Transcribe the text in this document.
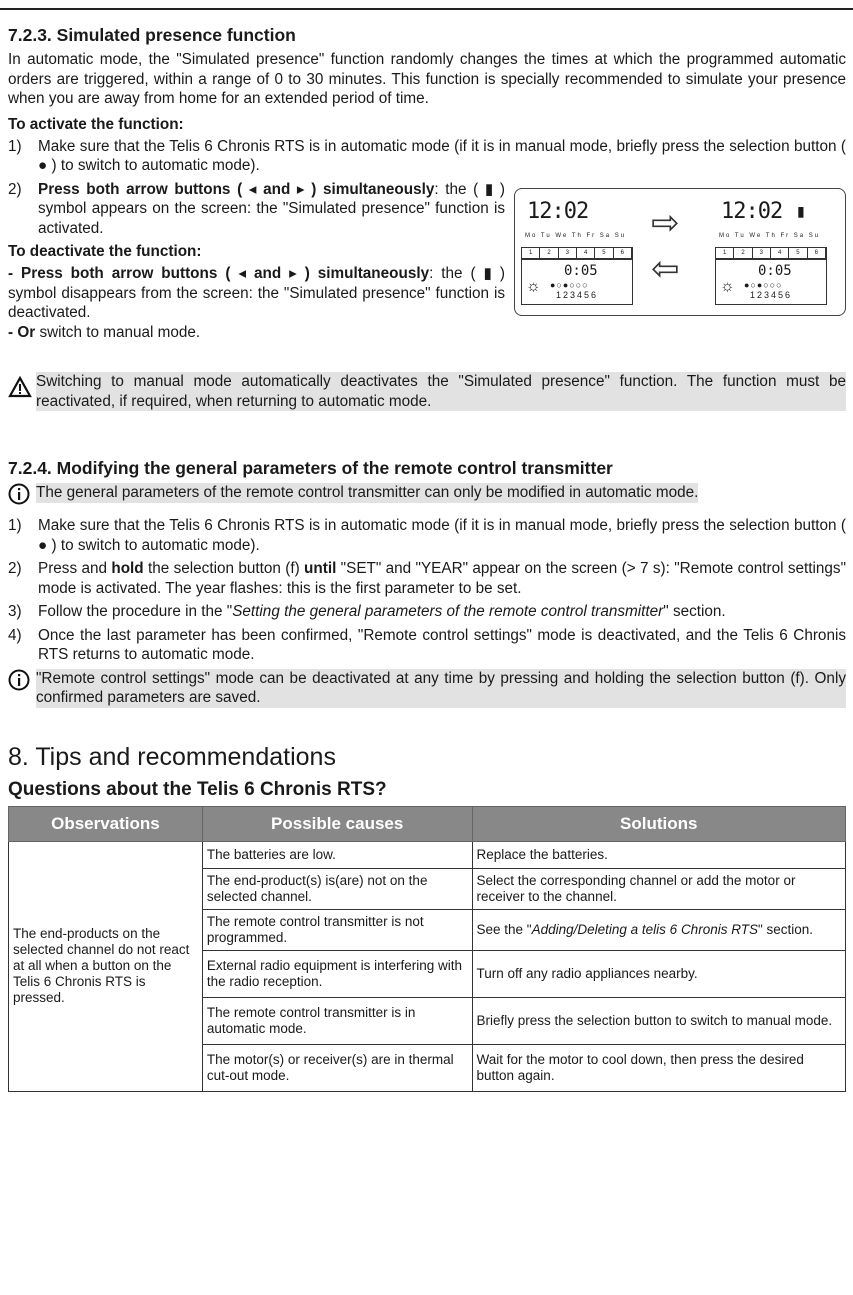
7.2.3. Simulated presence function

In automatic mode, the "Simulated presence" function randomly changes the times at which the programmed automatic orders are triggered, within a range of 0 to 30 minutes. This function is specially recommended to simulate your presence when you are away from home for an extended period of time.

To activate the function:
1) Make sure that the Telis 6 Chronis RTS is in automatic mode (if it is in manual mode, briefly press the selection button ( ● ) to switch to automatic mode).
2) Press both arrow buttons ( ◂ and ▸ ) simultaneously: the ( ▮ ) symbol appears on the screen: the "Simulated presence" function is activated.
To deactivate the function:

- Press both arrow buttons ( ◂ and ▸ ) simultaneously: the ( ▮ ) symbol disappears from the screen: the "Simulated presence" function is deactivated.

- Or switch to manual mode.

12:02
Mo Tu We Th Fr Sa Su
1	2	3	4	5	6
0:05
☼ ●○●○○○
123456
⇨
⇦
12:02 ▮
Mo Tu We Th Fr Sa Su
1	2	3	4	5	6
0:05
☼ ●○●○○○
123456
Switching to manual mode automatically deactivates the "Simulated presence" function. The function must be reactivated, if required, when returning to automatic mode.
7.2.4. Modifying the general parameters of the remote control transmitter
The general parameters of the remote control transmitter can only be modified in automatic mode.
1) Make sure that the Telis 6 Chronis RTS is in automatic mode (if it is in manual mode, briefly press the selection button ( ● ) to switch to automatic mode).
2) Press and hold the selection button (f) until "SET" and "YEAR" appear on the screen (> 7 s): "Remote control settings" mode is activated. The year flashes: this is the first parameter to be set.
3) Follow the procedure in the "Setting the general parameters of the remote control transmitter" section.
4) Once the last parameter has been confirmed, "Remote control settings" mode is deactivated, and the Telis 6 Chronis RTS returns to automatic mode.
"Remote control settings" mode can be deactivated at any time by pressing and holding the selection button (f). Only confirmed parameters are saved.
8. Tips and recommendations
Questions about the Telis 6 Chronis RTS?
Observations	Possible causes	Solutions
The end-products on the selected channel do not react at all when a button on the Telis 6 Chronis RTS is pressed.	The batteries are low.	Replace the batteries.
	The end-product(s) is(are) not on the selected channel.	Select the corresponding channel or add the motor or receiver to the channel.
	The remote control transmitter is not programmed.	See the "Adding/Deleting a telis 6 Chronis RTS" section.
	External radio equipment is interfering with the radio reception.	Turn off any radio appliances nearby.
	The remote control transmitter is in automatic mode.	Briefly press the selection button to switch to manual mode.
	The motor(s) or receiver(s) are in thermal cut-out mode.	Wait for the motor to cool down, then press the desired button again.
